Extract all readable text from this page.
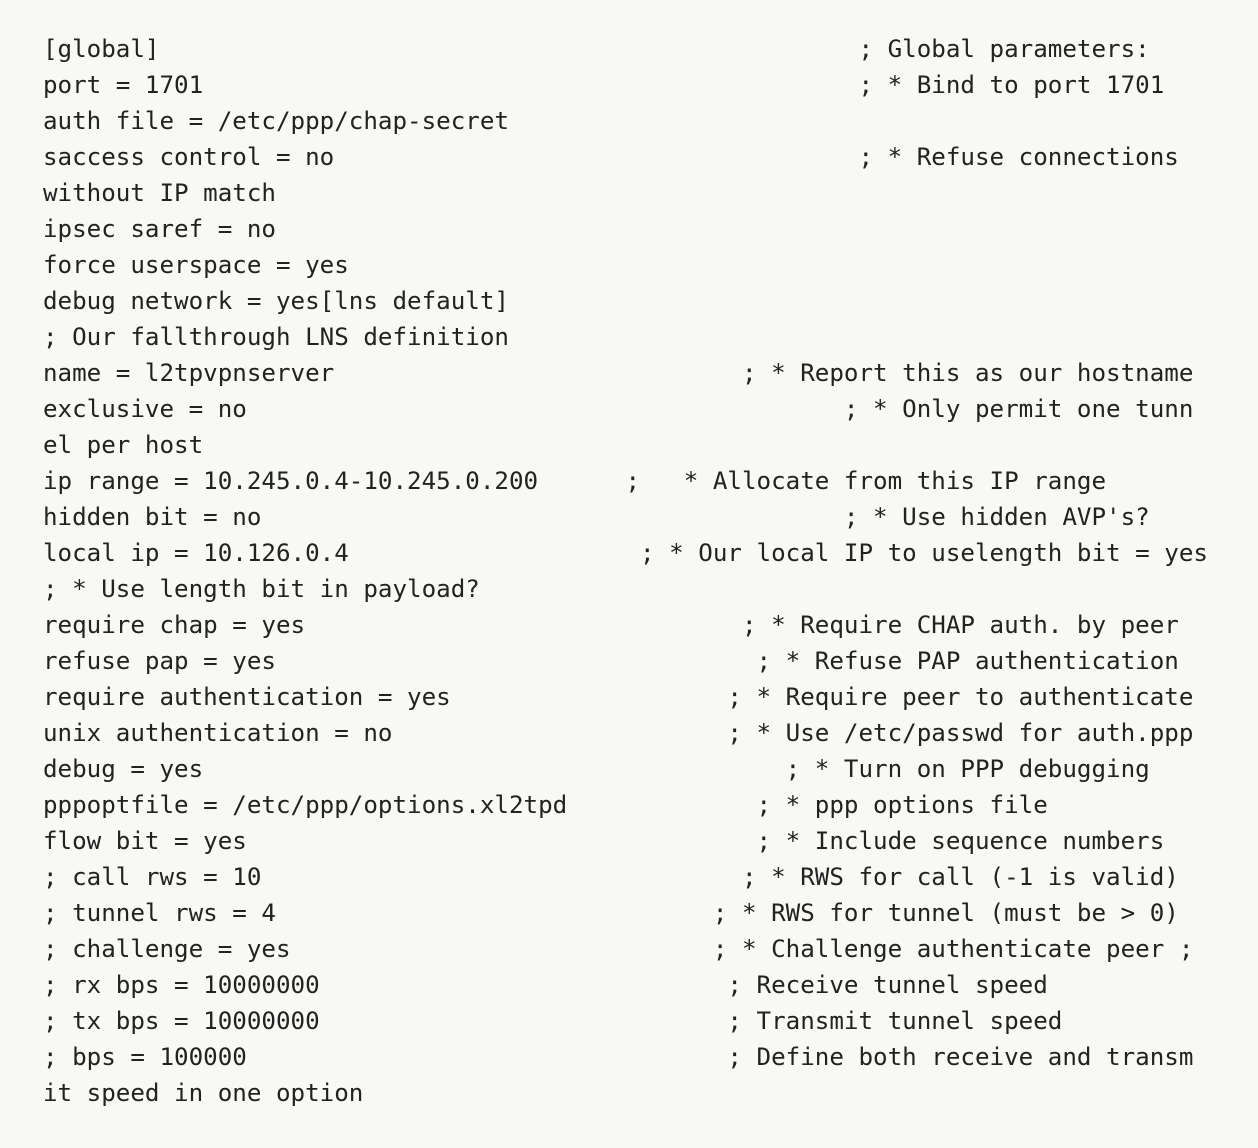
[global]                                                ; Global parameters:
port = 1701                                             ; * Bind to port 1701
auth file = /etc/ppp/chap-secret
saccess control = no                                    ; * Refuse connections
without IP match
ipsec saref = no
force userspace = yes
debug network = yes[lns default]
; Our fallthrough LNS definition
name = l2tpvpnserver                            ; * Report this as our hostname
exclusive = no                                         ; * Only permit one tunn
el per host
ip range = 10.245.0.4-10.245.0.200      ;   * Allocate from this IP range
hidden bit = no                                        ; * Use hidden AVP's?
local ip = 10.126.0.4                    ; * Our local IP to uselength bit = yes
; * Use length bit in payload?
require chap = yes                              ; * Require CHAP auth. by peer
refuse pap = yes                                 ; * Refuse PAP authentication
require authentication = yes                   ; * Require peer to authenticate
unix authentication = no                       ; * Use /etc/passwd for auth.ppp
debug = yes                                        ; * Turn on PPP debugging
pppoptfile = /etc/ppp/options.xl2tpd             ; * ppp options file
flow bit = yes                                   ; * Include sequence numbers
; call rws = 10                                 ; * RWS for call (-1 is valid)
; tunnel rws = 4                              ; * RWS for tunnel (must be > 0)
; challenge = yes                             ; * Challenge authenticate peer ;
; rx bps = 10000000                            ; Receive tunnel speed
; tx bps = 10000000                            ; Transmit tunnel speed
; bps = 100000                                 ; Define both receive and transm
it speed in one option
